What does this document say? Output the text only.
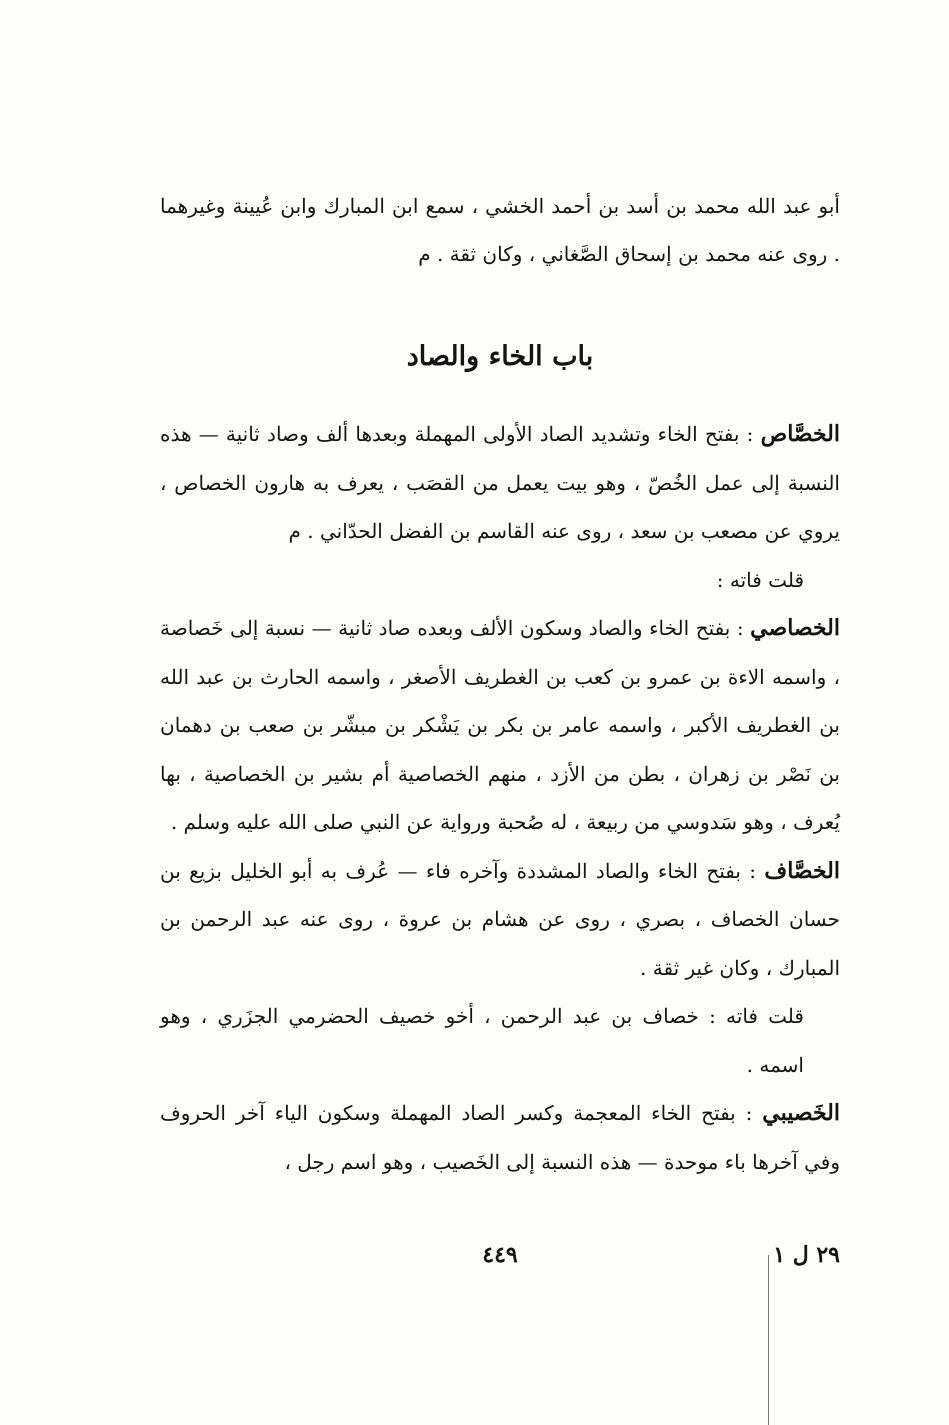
أبو عبد الله محمد بن أسد بن أحمد الخشي ، سمع ابن المبارك وابن عُيينة وغيرهما . روى عنه محمد بن إسحاق الصَّغاني ، وكان ثقة . م

باب الخاء والصاد

الخصَّاص : بفتح الخاء وتشديد الصاد الأولى المهملة وبعدها ألف وصاد ثانية — هذه النسبة إلى عمل الخُصّ ، وهو بيت يعمل من القصَب ، يعرف به هارون الخصاص ، يروي عن مصعب بن سعد ، روى عنه القاسم بن الفضل الحدّاني . م

قلت فاته :

الخصاصي : بفتح الخاء والصاد وسكون الألف وبعده صاد ثانية — نسبة إلى خَصاصة ، واسمه الاءة بن عمرو بن كعب بن الغطريف الأصغر ، واسمه الحارث بن عبد الله بن الغطريف الأكبر ، واسمه عامر بن بكر بن يَشْكر بن مبشّر بن صعب بن دهمان بن نَصْر بن زهران ، بطن من الأزد ، منهم الخصاصية أم بشير بن الخصاصية ، بها يُعرف ، وهو سَدوسي من ربيعة ، له صُحبة ورواية عن النبي صلى الله عليه وسلم .

الخصَّاف : بفتح الخاء والصاد المشددة وآخره فاء — عُرف به أبو الخليل بزيع بن حسان الخصاف ، بصري ، روى عن هشام بن عروة ، روى عنه عبد الرحمن بن المبارك ، وكان غير ثقة .

قلت فاته : خصاف بن عبد الرحمن ، أخو خصيف الحضرمي الجزَري ، وهو اسمه .

الخَصيبي : بفتح الخاء المعجمة وكسر الصاد المهملة وسكون الياء آخر الحروف وفي آخرها باء موحدة — هذه النسبة إلى الخَصيب ، وهو اسم رجل ،

٢٩ ل ١
٤٤٩
